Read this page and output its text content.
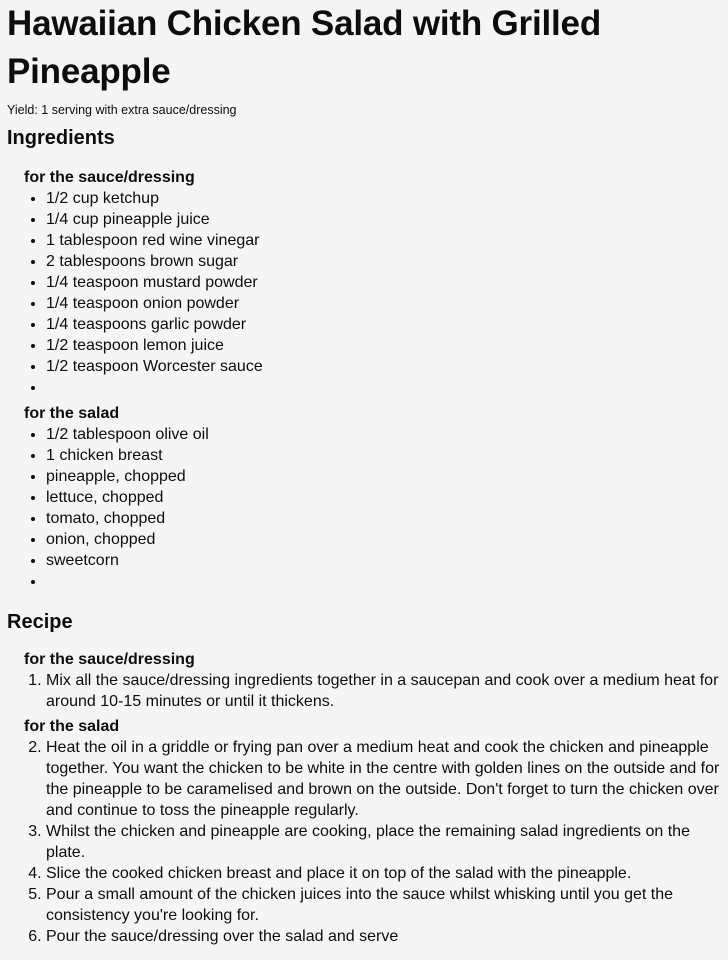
Hawaiian Chicken Salad with Grilled Pineapple
Yield: 1 serving with extra sauce/dressing
Ingredients
for the sauce/dressing
• 1/2 cup ketchup
• 1/4 cup pineapple juice
• 1 tablespoon red wine vinegar
• 2 tablespoons brown sugar
• 1/4 teaspoon mustard powder
• 1/4 teaspoon onion powder
• 1/4 teaspoons garlic powder
• 1/2 teaspoon lemon juice
• 1/2 teaspoon Worcester sauce
•
for the salad
• 1/2 tablespoon olive oil
• 1 chicken breast
• pineapple, chopped
• lettuce, chopped
• tomato, chopped
• onion, chopped
• sweetcorn
•
Recipe
for the sauce/dressing
1. Mix all the sauce/dressing ingredients together in a saucepan and cook over a medium heat for around 10-15 minutes or until it thickens.
for the salad
2. Heat the oil in a griddle or frying pan over a medium heat and cook the chicken and pineapple together. You want the chicken to be white in the centre with golden lines on the outside and for the pineapple to be caramelised and brown on the outside. Don't forget to turn the chicken over and continue to toss the pineapple regularly.
3. Whilst the chicken and pineapple are cooking, place the remaining salad ingredients on the plate.
4. Slice the cooked chicken breast and place it on top of the salad with the pineapple.
5. Pour a small amount of the chicken juices into the sauce whilst whisking until you get the consistency you're looking for.
6. Pour the sauce/dressing over the salad and serve
